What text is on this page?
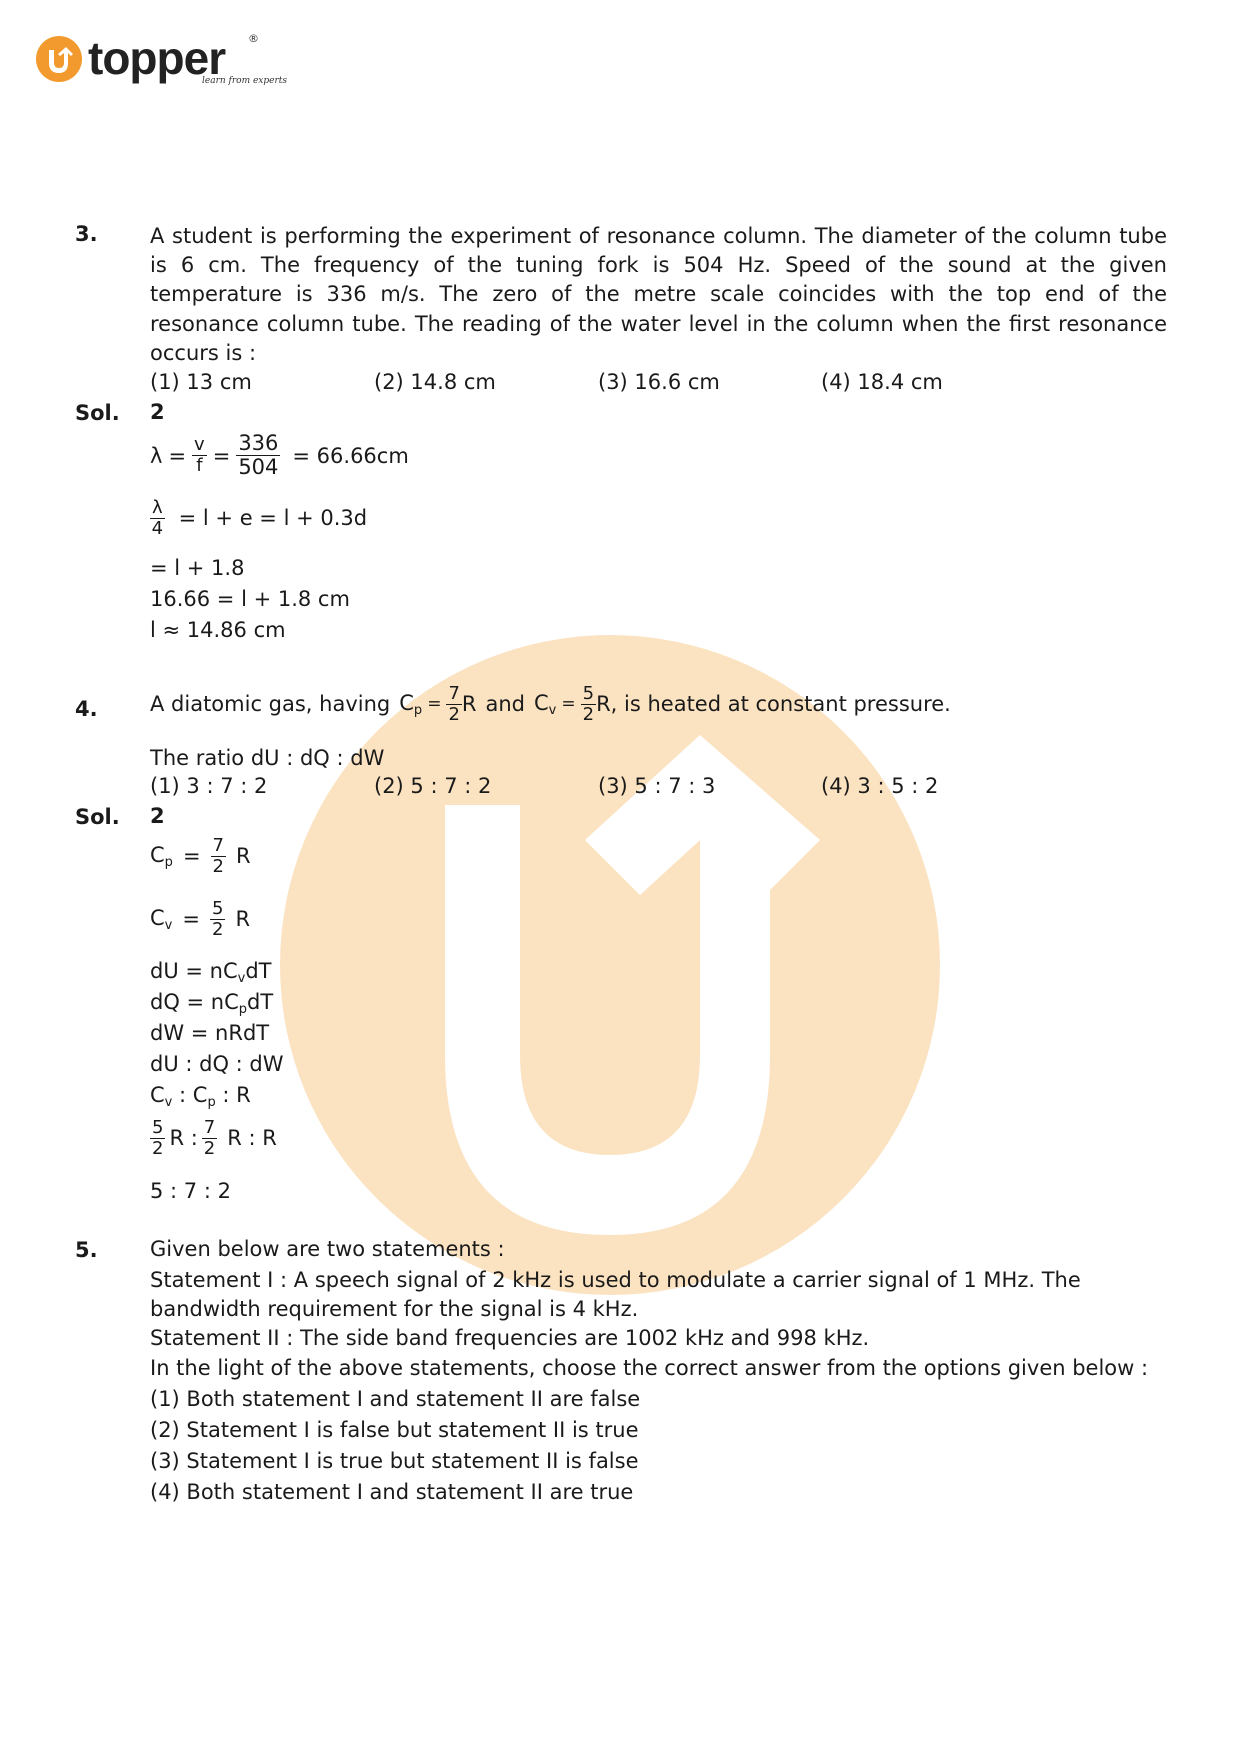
topper ®
learn from experts
3. A student is performing the experiment of resonance column. The diameter of the column tube is 6 cm. The frequency of the tuning fork is 504 Hz. Speed of the sound at the given temperature is 336 m/s. The zero of the metre scale coincides with the top end of the resonance column tube. The reading of the water level in the column when the first resonance occurs is :
(1) 13 cm	(2) 14.8 cm	(3) 16.6 cm	(4) 18.4 cm
Sol. 2
$\lambda = \frac{v}{f} = \frac{336}{504} = 66.66cm$
$\frac{\lambda}{4} = l + e = l + 0.3d$
= l + 1.8
16.66 = l + 1.8 cm
l ≈ 14.86 cm
4. A diatomic gas, having $C_p = \frac{7}{2}$ R and $C_v = \frac{5}{2} R$, is heated at constant pressure.
The ratio dU : dQ : dW
(1) 3 : 7 : 2	(2) 5 : 7 : 2	(3) 5 : 7 : 3	(4) 3 : 5 : 2
Sol. 2
$C_p = \frac{7}{2}$ R
$C_v = \frac{5}{2}$ R
dU = $nC_vdT$
dQ = $nC_pdT$
dW = nRdT
dU : dQ : dW
$C_v$ : $C_p$ : R
$\frac{5}{2}$ R : $\frac{7}{2}$ R : R
5 : 7 : 2
5. Given below are two statements :
Statement I : A speech signal of 2 kHz is used to modulate a carrier signal of 1 MHz. The bandwidth requirement for the signal is 4 kHz.
Statement II : The side band frequencies are 1002 kHz and 998 kHz.
In the light of the above statements, choose the correct answer from the options given below :
(1) Both statement I and statement II are false
(2) Statement I is false but statement II is true
(3) Statement I is true but statement II is false
(4) Both statement I and statement II are true
